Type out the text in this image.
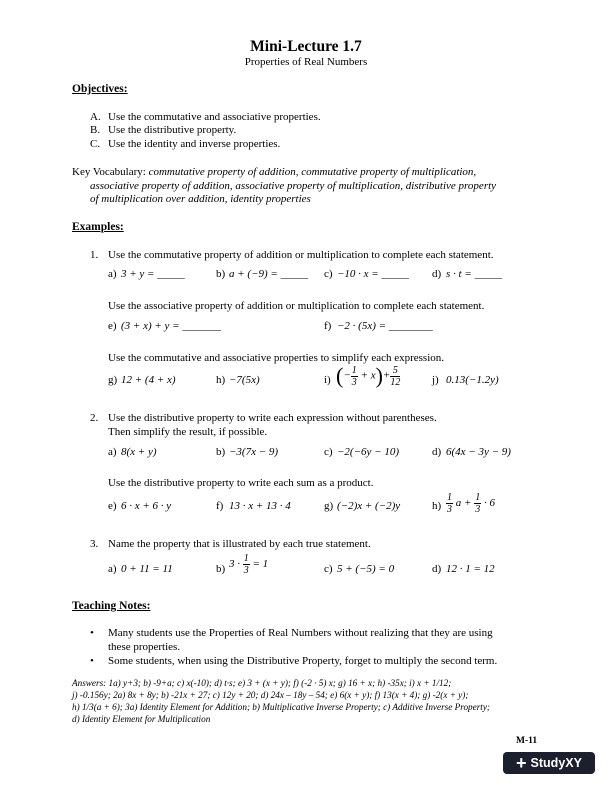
Mini-Lecture 1.7
Properties of Real Numbers
Objectives:
A. Use the commutative and associative properties.
B. Use the distributive property.
C. Use the identity and inverse properties.
Key Vocabulary: commutative property of addition, commutative property of multiplication,
associative property of addition, associative property of multiplication, distributive property
of multiplication over addition, identity properties
Examples:
1. Use the commutative property of addition or multiplication to complete each statement.
a) 3 + y = _____	b) a + (−9) = _____ c) −10 · x = _____ d) s · t = _____
Use the associative property of addition or multiplication to complete each statement.
e) (3 + x) + y = _______	f) −2 · (5x) = ________
Use the commutative and associative properties to simplify each expression.
g) 12 + (4 + x)	h) −7(5x)	i) (− $\frac{1}{3} + x)+ \frac{5}{12}$	j) 0.13(−1.2y)
2. Use the distributive property to write each expression without parentheses.
Then simplify the result, if possible.
a) 8(x + y)	b) −3(7x − 9)	c) −2(−6y − 10)	d) 6(4x − 3y − 9)
Use the distributive property to write each sum as a product.
e) 6 · x + 6 · y	f) 13 · x + 13 · 4	g) (−2)x + (−2)y	$h) \frac{1}{3}$ $a + \frac{1}{3} \cdot 6$
3. Name the property that is illustrated by each true statement.
a) 0 + 11 = 11	b) $3 \cdot \frac{1}{3} = 1$	c) 5 + (−5) = 0	d) 12 · 1 = 12
Teaching Notes:
• Many students use the Properties of Real Numbers without realizing that they are using
these properties.
• Some students, when using the Distributive Property, forget to multiply the second term.
Answers: 1a) y+3; b) -9+a; c) x(-10); d) t·s; e) 3 + (x + y); f) (-2 · 5) x; g) 16 + x; h) -35x; i) x + 1/12;
j) -0.156y; 2a) 8x + 8y; b) -21x + 27; c) 12y + 20; d) 24x – 18y – 54; e) 6(x + y); f) 13(x + 4); g) -2(x + y);
h) 1/3(a + 6); 3a) Identity Element for Addition; b) Multiplicative Inverse Property; c) Additive Inverse Property;
d) Identity Element for Multiplication
M-11
+ StudyXY
